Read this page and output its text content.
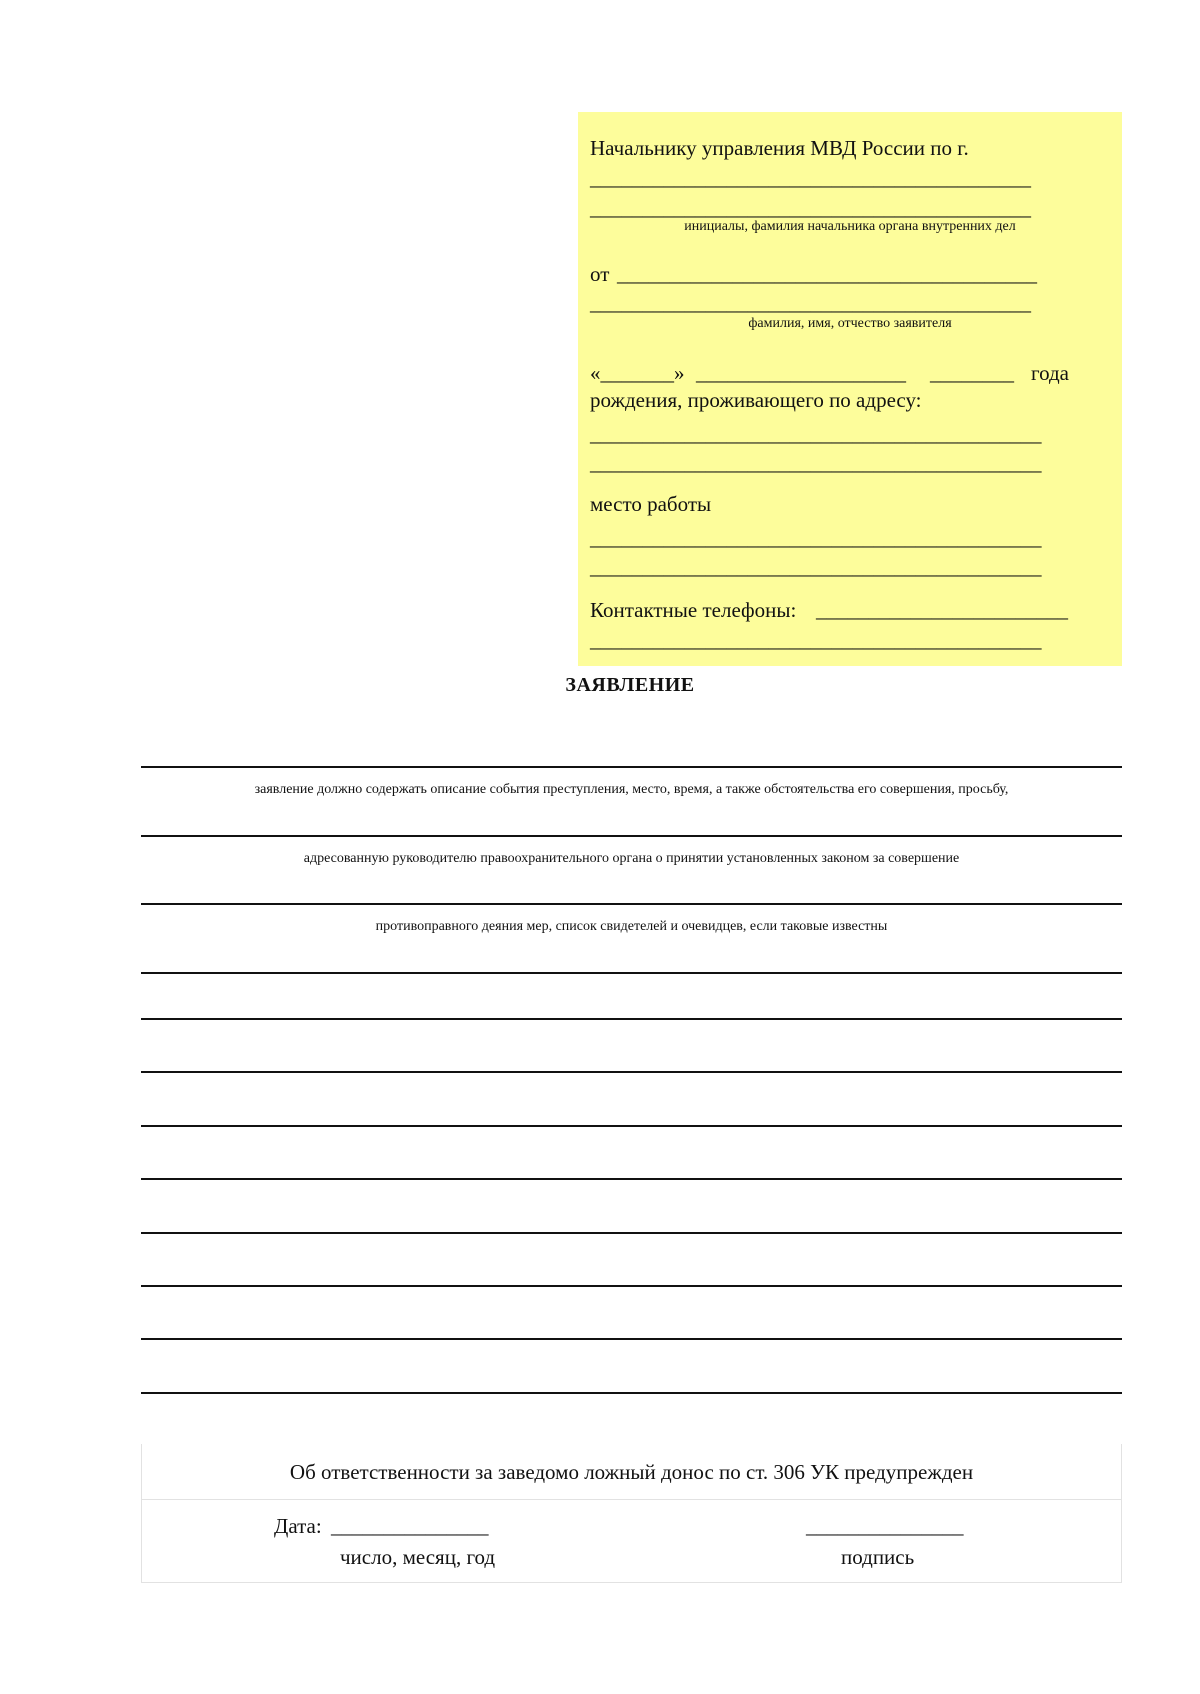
Начальнику управления МВД России по г.
__________________________________________
__________________________________________
инициалы, фамилия начальника органа внутренних дел
от ________________________________________
__________________________________________
фамилия, имя, отчество заявителя
«_______» ____________________ ________ года
рождения, проживающего по адресу:
___________________________________________
___________________________________________
место работы
___________________________________________
___________________________________________
Контактные телефоны: ________________________
___________________________________________
ЗАЯВЛЕНИЕ
заявление должно содержать описание события преступления, место, время, а также обстоятельства его совершения, просьбу,
адресованную руководителю правоохранительного органа о принятии установленных законом за совершение
противоправного деяния мер, список свидетелей и очевидцев, если таковые известны
Об ответственности за заведомо ложный донос по ст. 306 УК предупрежден
Дата: _______________
число, месяц, год
_______________
подпись
